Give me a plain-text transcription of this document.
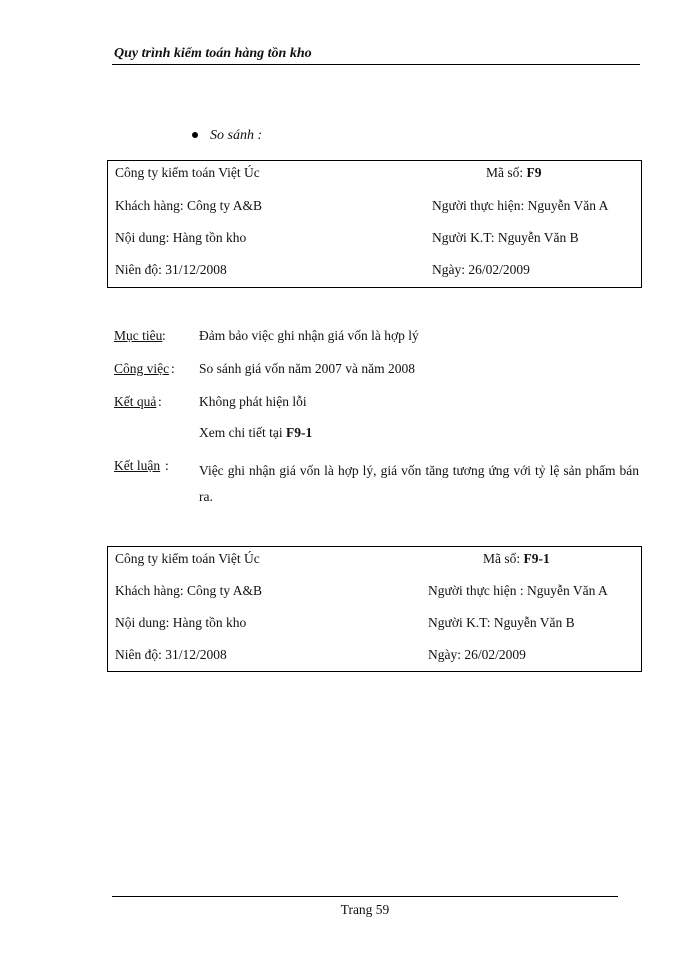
Quy trình kiểm toán hàng tồn kho
So sánh :
Công ty kiểm toán Việt Úc	Mã số: F9
Khách hàng: Công ty A&B	Người thực hiện: Nguyễn Văn A
Nội dung: Hàng tồn kho	Người K.T: Nguyễn Văn B
Niên độ: 31/12/2008	Ngày: 26/02/2009
Mục tiêu : Đảm bảo việc ghi nhận giá vốn là hợp lý
Công việc : So sánh giá vốn năm 2007 và năm 2008
Kết quả :	Không phát hiện lỗi
Xem chi tiết tại F9-1
Kết luận : Việc ghi nhận giá vốn là hợp lý, giá vốn tăng tương ứng với tỷ lệ sản phẩm bán ra.
Công ty kiểm toán Việt Úc	Mã số: F9-1
Khách hàng: Công ty A&B	Người thực hiện : Nguyễn Văn A
Nội dung: Hàng tồn kho	Người K.T: Nguyễn Văn B
Niên độ: 31/12/2008	Ngày: 26/02/2009
Trang 59
